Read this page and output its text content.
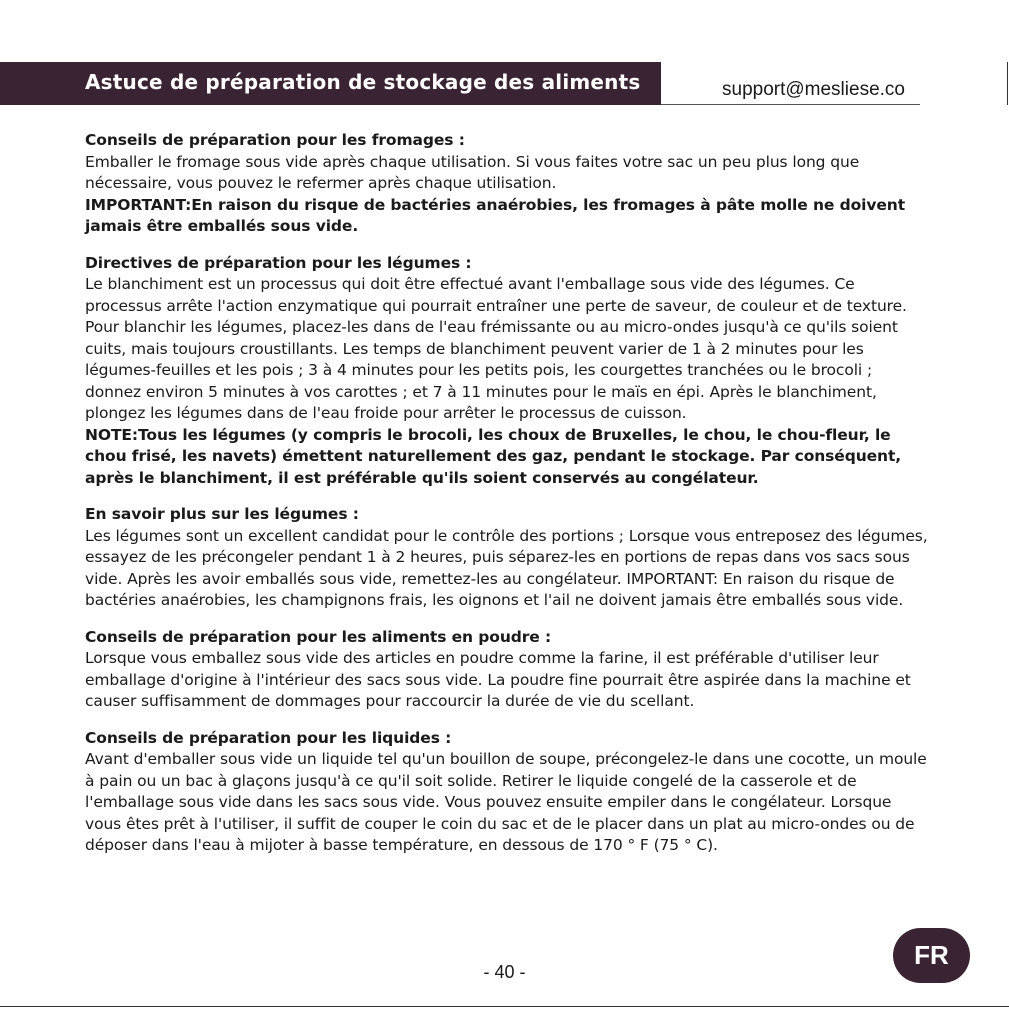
Astuce de préparation de stockage des aliments	support@mesliese.co
Conseils de préparation pour les fromages :

Emballer le fromage sous vide après chaque utilisation. Si vous faites votre sac un peu plus long que nécessaire, vous pouvez le refermer après chaque utilisation.

IMPORTANT:En raison du risque de bactéries anaérobies, les fromages à pâte molle ne doivent jamais être emballés sous vide.

Directives de préparation pour les légumes :

Le blanchiment est un processus qui doit être effectué avant l'emballage sous vide des légumes. Ce processus arrête l'action enzymatique qui pourrait entraîner une perte de saveur, de couleur et de texture. Pour blanchir les légumes, placez-les dans de l'eau frémissante ou au micro-ondes jusqu'à ce qu'ils soient cuits, mais toujours croustillants. Les temps de blanchiment peuvent varier de 1 à 2 minutes pour les légumes-feuilles et les pois ; 3 à 4 minutes pour les petits pois, les courgettes tranchées ou le brocoli ; donnez environ 5 minutes à vos carottes ; et 7 à 11 minutes pour le maïs en épi. Après le blanchiment, plongez les légumes dans de l'eau froide pour arrêter le processus de cuisson.

NOTE:Tous les légumes (y compris le brocoli, les choux de Bruxelles, le chou, le chou-fleur, le chou frisé, les navets) émettent naturellement des gaz, pendant le stockage. Par conséquent, après le blanchiment, il est préférable qu'ils soient conservés au congélateur.

En savoir plus sur les légumes :

Les légumes sont un excellent candidat pour le contrôle des portions ; Lorsque vous entreposez des légumes, essayez de les précongeler pendant 1 à 2 heures, puis séparez-les en portions de repas dans vos sacs sous vide. Après les avoir emballés sous vide, remettez-les au congélateur. IMPORTANT: En raison du risque de bactéries anaérobies, les champignons frais, les oignons et l'ail ne doivent jamais être emballés sous vide.

Conseils de préparation pour les aliments en poudre :

Lorsque vous emballez sous vide des articles en poudre comme la farine, il est préférable d'utiliser leur emballage d'origine à l'intérieur des sacs sous vide. La poudre fine pourrait être aspirée dans la machine et causer suffisamment de dommages pour raccourcir la durée de vie du scellant.

Conseils de préparation pour les liquides :

Avant d'emballer sous vide un liquide tel qu'un bouillon de soupe, précongelez-le dans une cocotte, un moule à pain ou un bac à glaçons jusqu'à ce qu'il soit solide. Retirer le liquide congelé de la casserole et de l'emballage sous vide dans les sacs sous vide. Vous pouvez ensuite empiler dans le congélateur. Lorsque vous êtes prêt à l'utiliser, il suffit de couper le coin du sac et de le placer dans un plat au micro-ondes ou de déposer dans l'eau à mijoter à basse température, en dessous de 170 ° F (75 ° C).

FR
- 40 -
